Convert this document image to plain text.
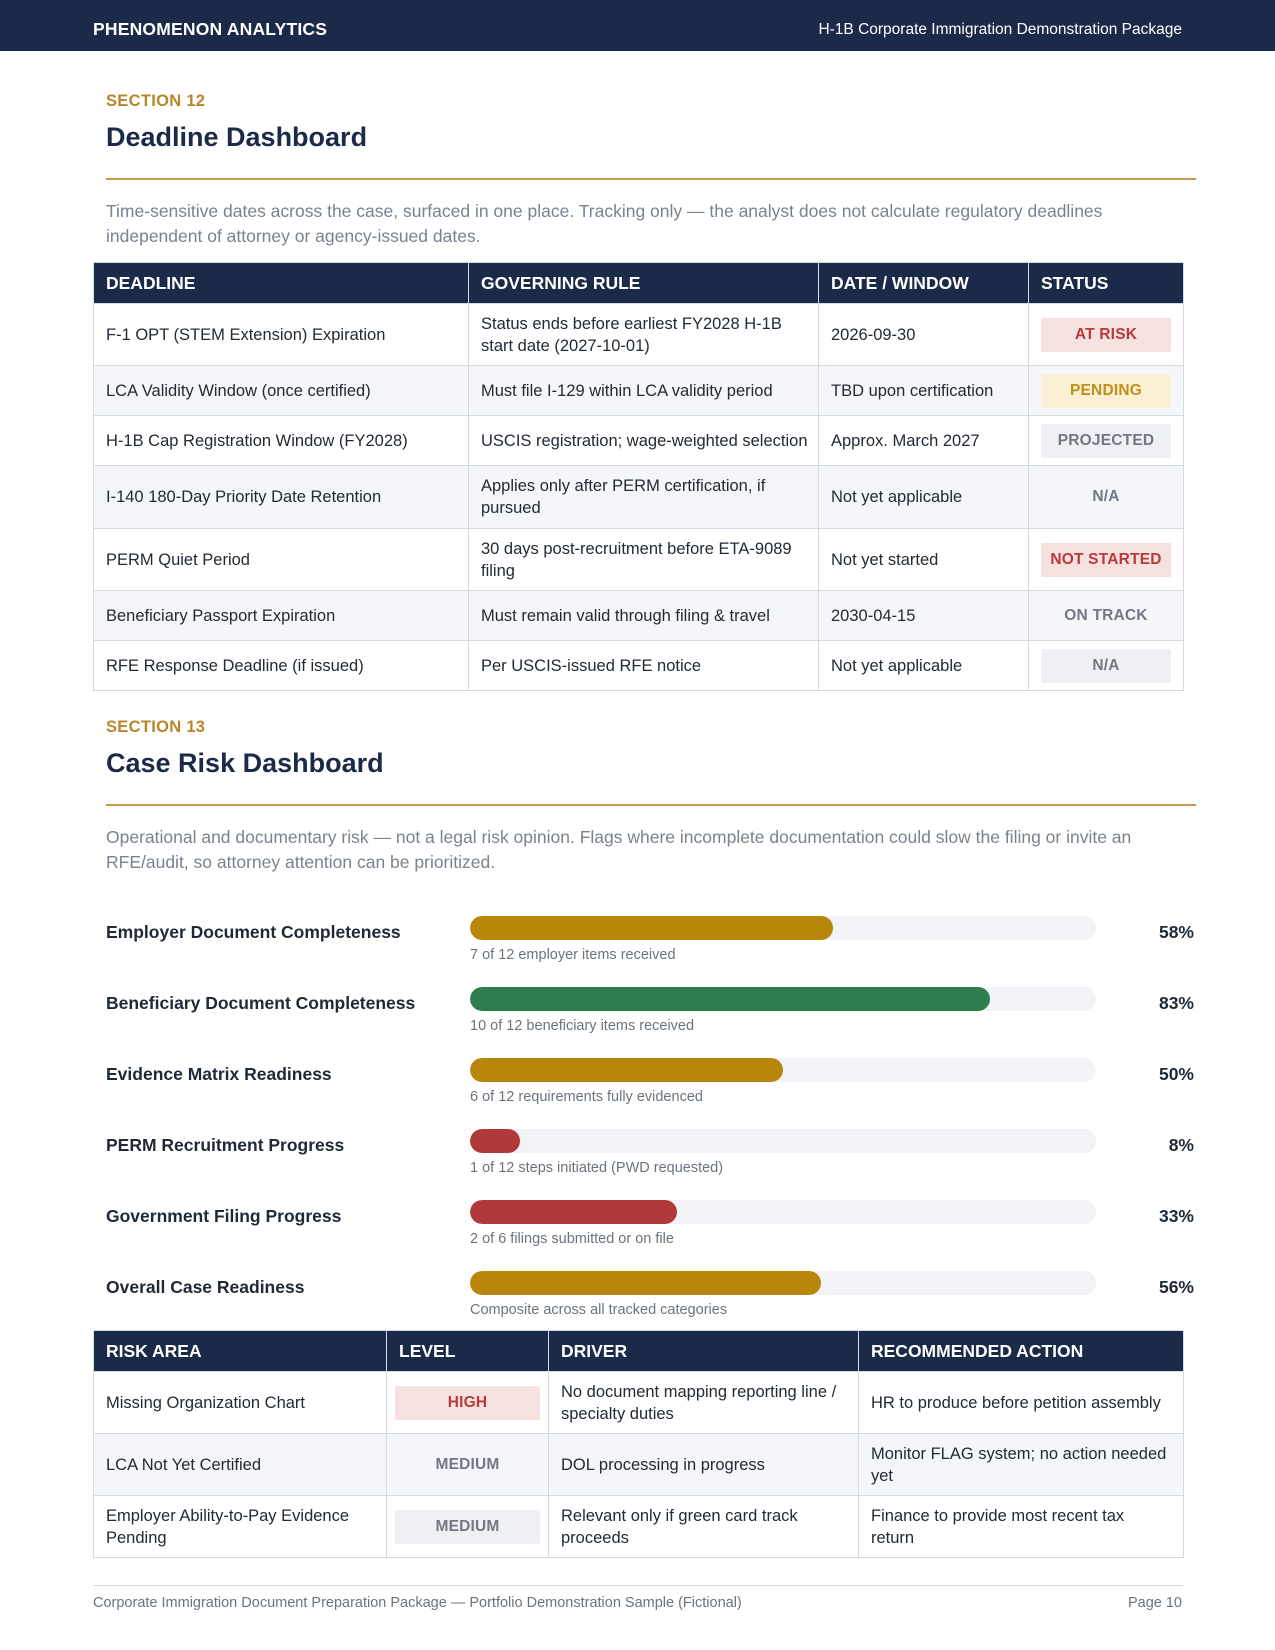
PHENOMENON ANALYTICS	H-1B Corporate Immigration Demonstration Package
SECTION 12
Deadline Dashboard
Time-sensitive dates across the case, surfaced in one place. Tracking only — the analyst does not calculate regulatory deadlines independent of attorney or agency-issued dates.
DEADLINE	GOVERNING RULE	DATE / WINDOW	STATUS
F-1 OPT (STEM Extension) Expiration	Status ends before earliest FY2028 H-1B start date (2027-10-01)	2026-09-30	AT RISK

LCA Validity Window (once certified)	Must file I-129 within LCA validity period	TBD upon certification	PENDING

H-1B Cap Registration Window (FY2028)	USCIS registration; wage-weighted selection	Approx. March 2027	PROJECTED

I-140 180-Day Priority Date Retention	Applies only after PERM certification, if pursued	Not yet applicable	N/A

PERM Quiet Period	30 days post-recruitment before ETA-9089 filing	Not yet started	NOT STARTED

Beneficiary Passport Expiration	Must remain valid through filing & travel	2030-04-15	ON TRACK

RFE Response Deadline (if issued)	Per USCIS-issued RFE notice	Not yet applicable	N/A
SECTION 13
Case Risk Dashboard
Operational and documentary risk — not a legal risk opinion. Flags where incomplete documentation could slow the filing or invite an RFE/audit, so attorney attention can be prioritized.
Employer Document Completeness	58%
7 of 12 employer items received
Beneficiary Document Completeness	83%
10 of 12 beneficiary items received
Evidence Matrix Readiness	50%
6 of 12 requirements fully evidenced
PERM Recruitment Progress	8%
1 of 12 steps initiated (PWD requested)
Government Filing Progress	33%
2 of 6 filings submitted or on file
Overall Case Readiness	56%
Composite across all tracked categories
RISK AREA	LEVEL	DRIVER	RECOMMENDED ACTION
Missing Organization Chart	HIGH	No document mapping reporting line / specialty duties	HR to produce before petition assembly
LCA Not Yet Certified	MEDIUM	DOL processing in progress	Monitor FLAG system; no action needed yet
Employer Ability-to-Pay Evidence Pending	MEDIUM	Relevant only if green card track proceeds	Finance to provide most recent tax return
Corporate Immigration Document Preparation Package — Portfolio Demonstration Sample (Fictional)	Page 10
